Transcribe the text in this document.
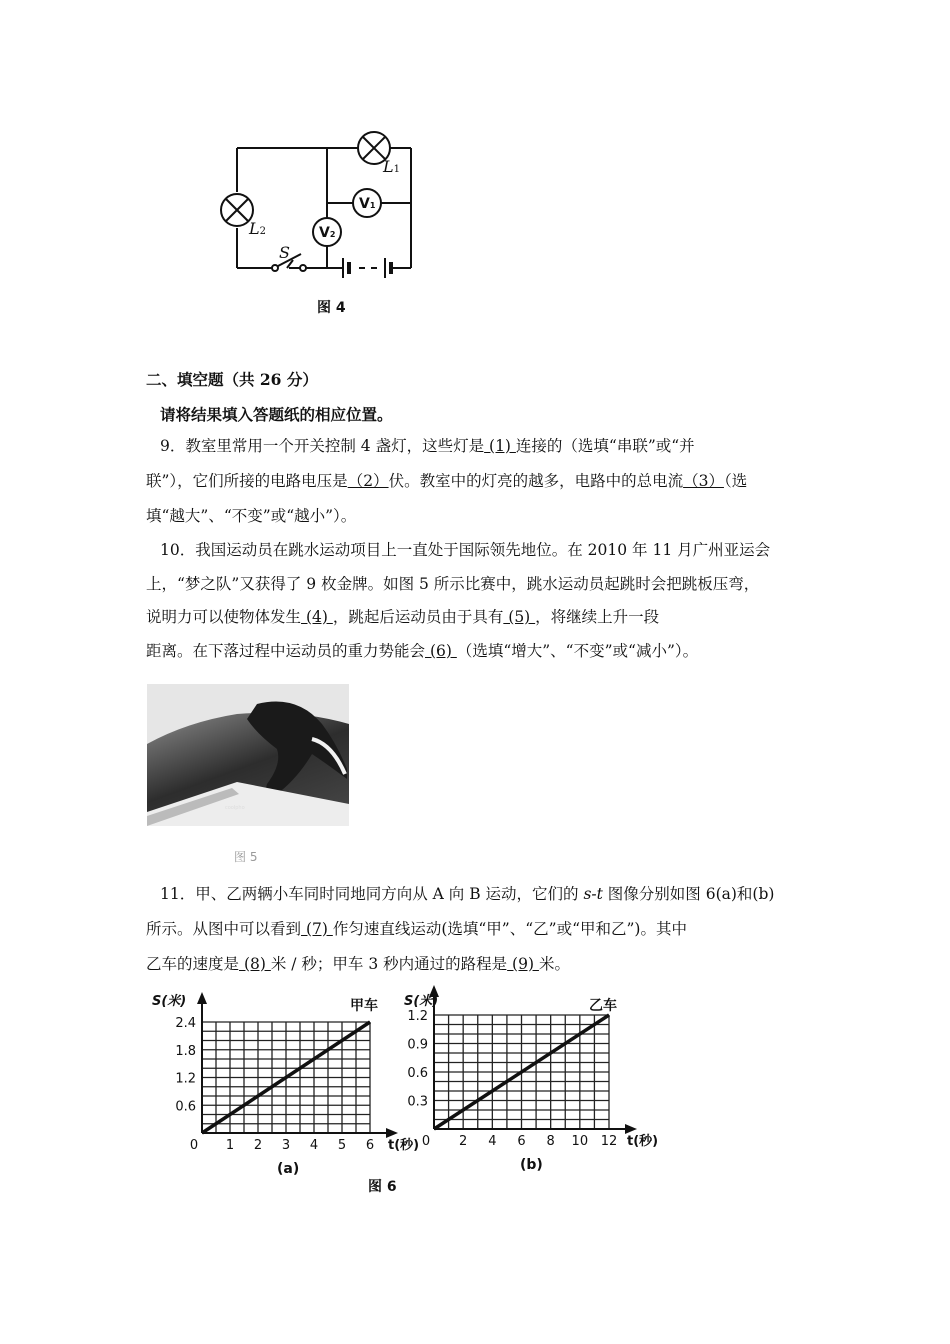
L1
L2
S
V1
V2
图 4
二、填空题（共 26 分）
请将结果填入答题纸的相应位置。
9．教室里常用一个开关控制 4 盏灯，这些灯是 (1) 连接的（选填“串联”或“并
联”），它们所接的电路电压是（2）伏。教室中的灯亮的越多，电路中的总电流（3）（选
填“越大”、“不变”或“越小”）。
10．我国运动员在跳水运动项目上一直处于国际领先地位。在 2010 年 11 月广州亚运会
上，“梦之队”又获得了 9 枚金牌。如图 5 所示比赛中，跳水运动员起跳时会把跳板压弯，
说明力可以使物体发生 (4) ，跳起后运动员由于具有 (5) ，将继续上升一段
距离。在下落过程中运动员的重力势能会 (6) （选填“增大”、“不变”或“减小”）。
coolpho
图 5
11．甲、乙两辆小车同时同地同方向从 A 向 B 运动，它们的 s-t 图像分别如图 6(a)和(b)
所示。从图中可以看到 (7) 作匀速直线运动(选填“甲”、“乙”或“甲和乙”)。其中
乙车的速度是 (8) 米 / 秒；甲车 3 秒内通过的路程是 (9) 米。
1 2 3 4 5 6
0.6
1.2
1.8
2.4
0	t(秒)
S(米)	甲车
(a)
2 4 6 8 10 12
0.3
0.6
0.9
1.2
0	t(秒)
S(米)	乙车
(b)
图 6
